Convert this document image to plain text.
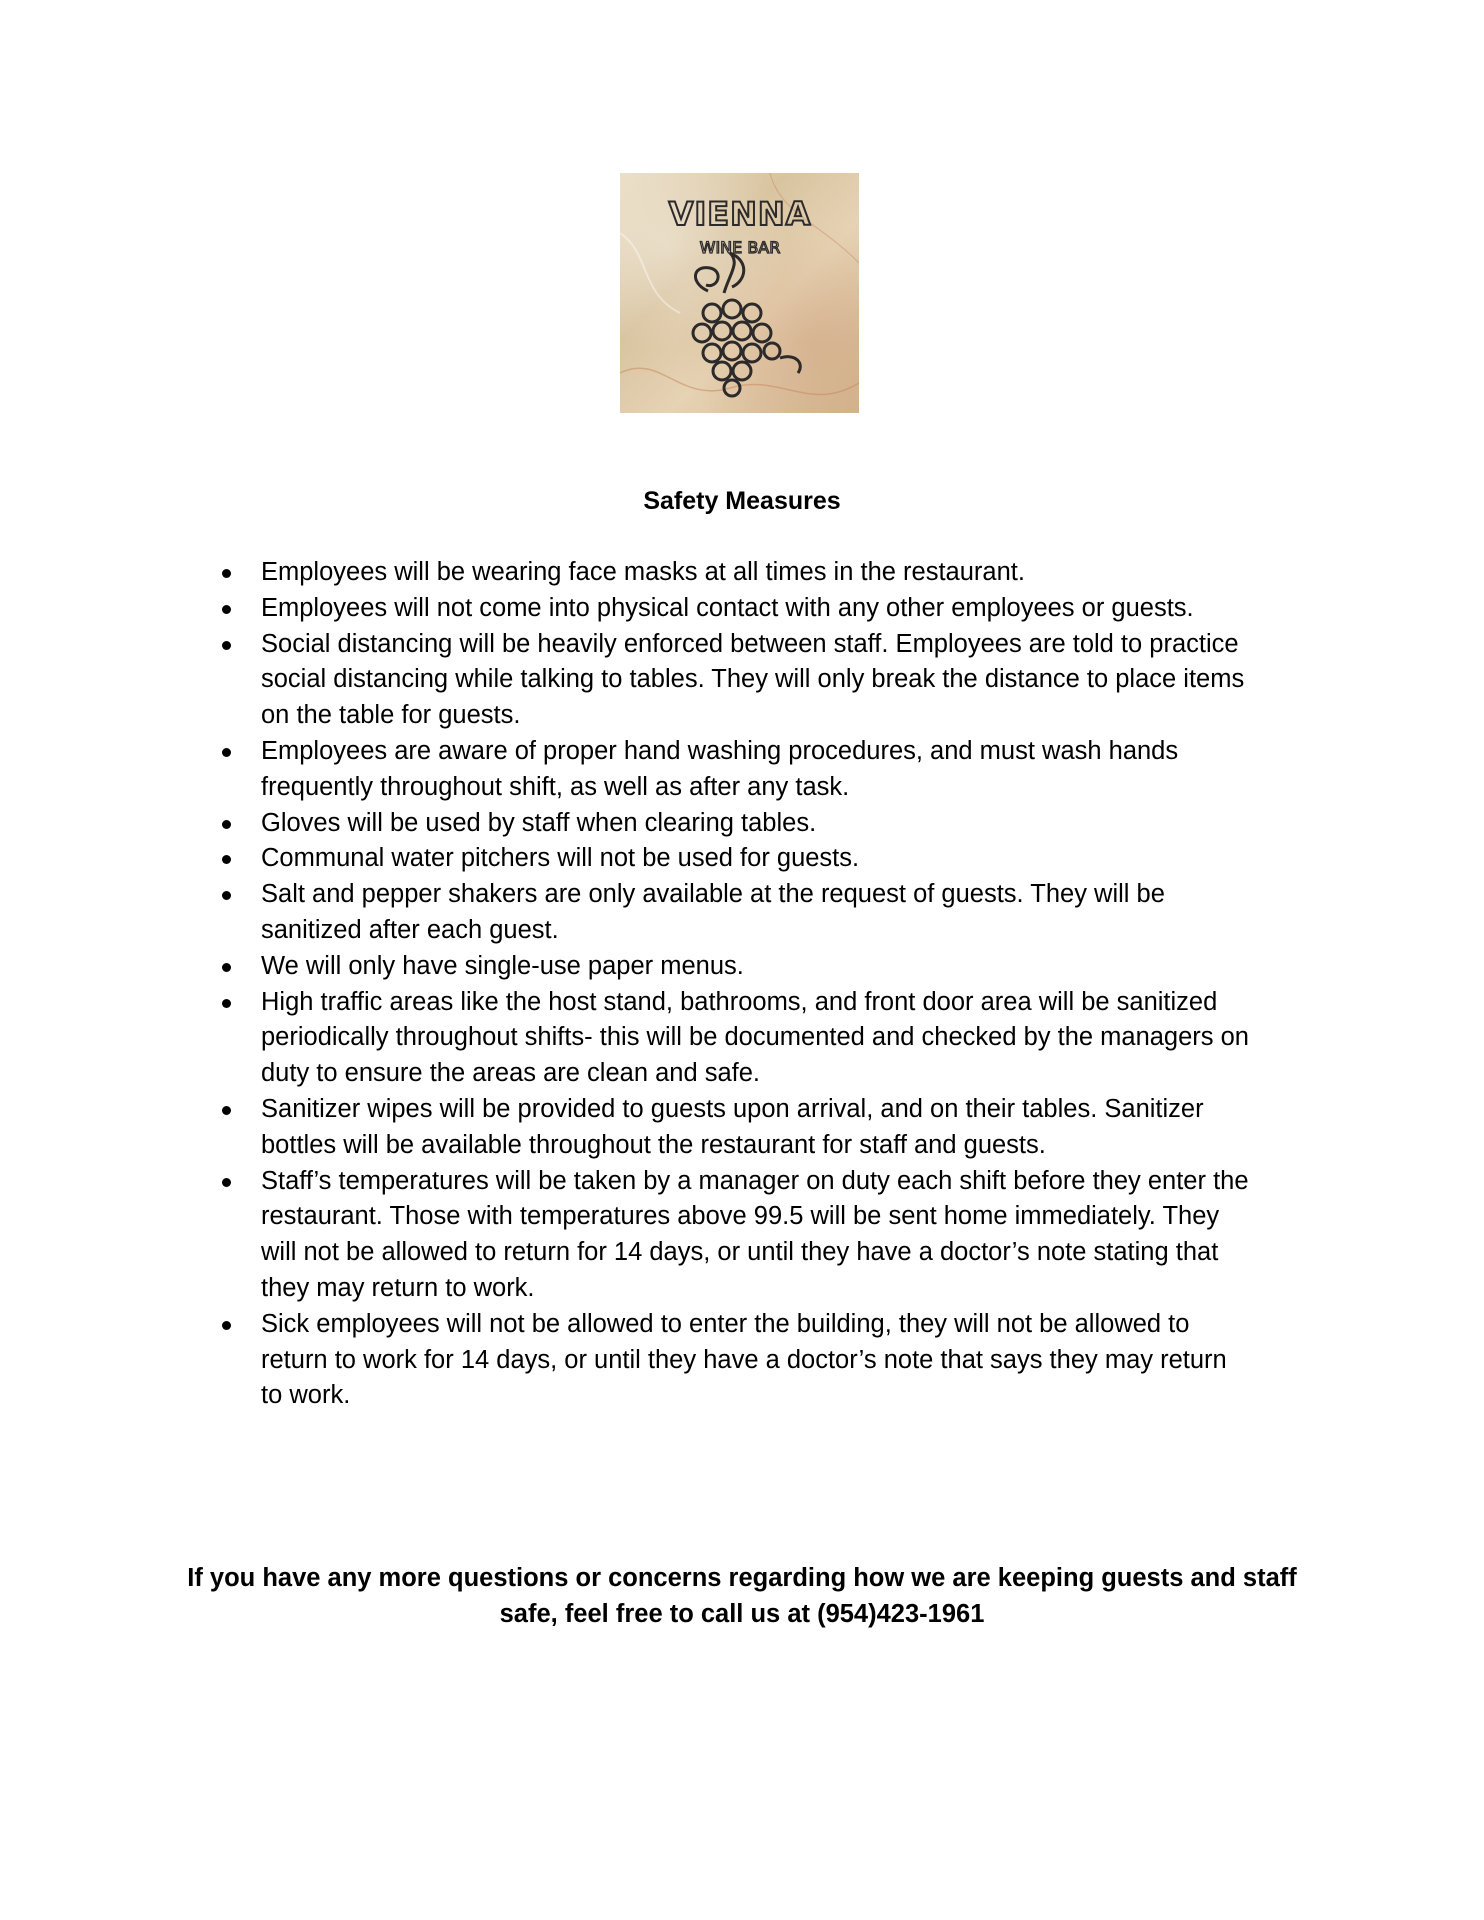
VIENNA
WINE BAR
Safety Measures
Employees will be wearing face masks at all times in the restaurant.
Employees will not come into physical contact with any other employees or guests.
Social distancing will be heavily enforced between staff. Employees are told to practice
social distancing while talking to tables. They will only break the distance to place items
on the table for guests.
Employees are aware of proper hand washing procedures, and must wash hands
frequently throughout shift, as well as after any task.
Gloves will be used by staff when clearing tables.
Communal water pitchers will not be used for guests.
Salt and pepper shakers are only available at the request of guests. They will be
sanitized after each guest.
We will only have single-use paper menus.
High traffic areas like the host stand, bathrooms, and front door area will be sanitized
periodically throughout shifts- this will be documented and checked by the managers on
duty to ensure the areas are clean and safe.
Sanitizer wipes will be provided to guests upon arrival, and on their tables. Sanitizer
bottles will be available throughout the restaurant for staff and guests.
Staff’s temperatures will be taken by a manager on duty each shift before they enter the
restaurant. Those with temperatures above 99.5 will be sent home immediately. They
will not be allowed to return for 14 days, or until they have a doctor’s note stating that
they may return to work.
Sick employees will not be allowed to enter the building, they will not be allowed to
return to work for 14 days, or until they have a doctor’s note that says they may return
to work.
If you have any more questions or concerns regarding how we are keeping guests and staff
safe, feel free to call us at (954)423-1961
